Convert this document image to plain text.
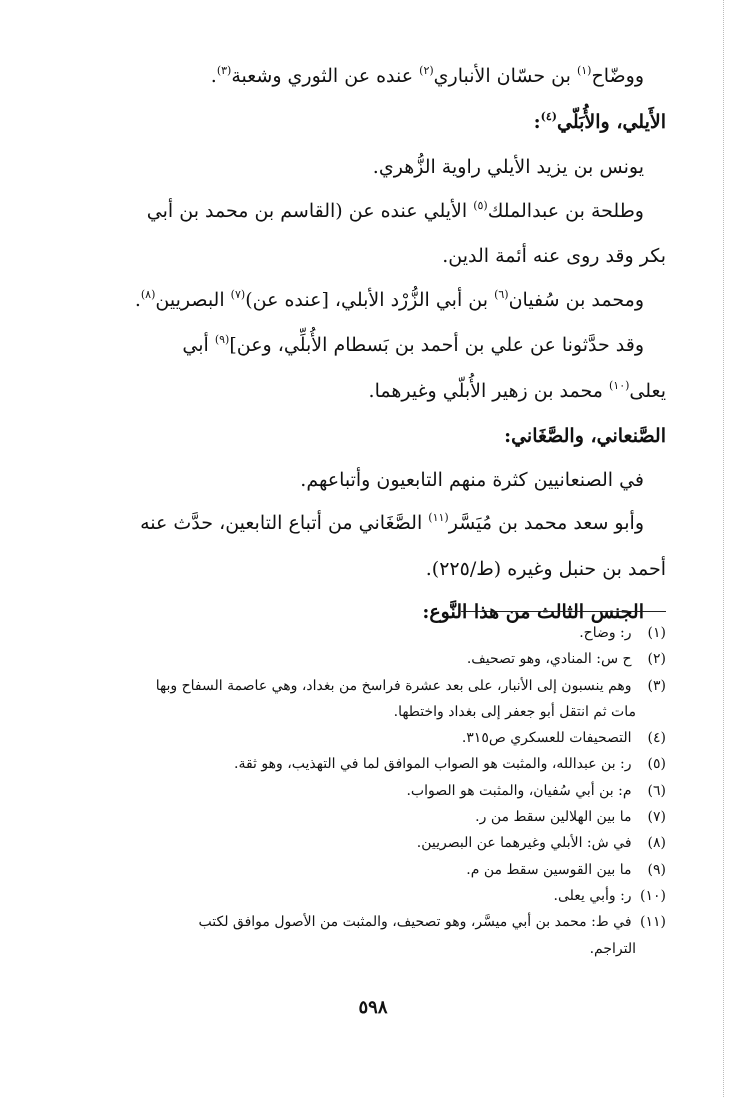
ووضّاح$^{(١)}$ بن حسّان الأنباري$^{(٢)}$ عنده عن الثوري وشعبة$^{(٣)}$.
الأَيلي، والأُبَلّي$^{(٤)}$:
يونس بن يزيد الأيلي راوية الزُّهري.
وطلحة بن عبدالملك$^{(٥)}$ الأيلي عنده عن (القاسم بن محمد بن أبي
بكر وقد روى عنه أئمة الدين.
ومحمد بن سُفيان$^{(٦)}$ بن أبي الزُّرْد الأبلي، [عنده عن)$^{(٧)}$ البصريين$^{(٨)}$.
وقد حدَّثونا عن علي بن أحمد بن بَسطام الأُبلِّي، وعن]$^{(٩)}$ أبي
يعلى$^{(١٠)}$ محمد بن زهير الأُبلّي وغيرهما.
الصَّنعاني، والصَّغَاني:
في الصنعانيين كثرة منهم التابعيون وأتباعهم.
وأبو سعد محمد بن مُيَسَّر$^{(١١)}$ الصَّغَاني من أتباع التابعين، حدَّث عنه
أحمد بن حنبل وغيره (ط/٢٢٥).
الجنس الثالث من هذا النَّوع:
(١) ر: وضاح.
(٢) ح س: المنادي، وهو تصحيف.
(٣) وهم ينسبون إلى الأنبار، على بعد عشرة فراسخ من بغداد، وهي عاصمة السفاح وبها
مات ثم انتقل أبو جعفر إلى بغداد واختطها.
(٤) التصحيفات للعسكري ص٣١٥.
(٥) ر: بن عبدالله، والمثبت هو الصواب الموافق لما في التهذيب، وهو ثقة.
(٦) م: بن أبي سُفيان، والمثبت هو الصواب.
(٧) ما بين الهلالين سقط من ر.
(٨) في ش: الأبلي وغيرهما عن البصريين.
(٩) ما بين القوسين سقط من م.
(١٠) ر: وأبي يعلى.
(١١) في ط: محمد بن أبي ميسَّر، وهو تصحيف، والمثبت من الأصول موافق لكتب
التراجم.
٥٩٨
